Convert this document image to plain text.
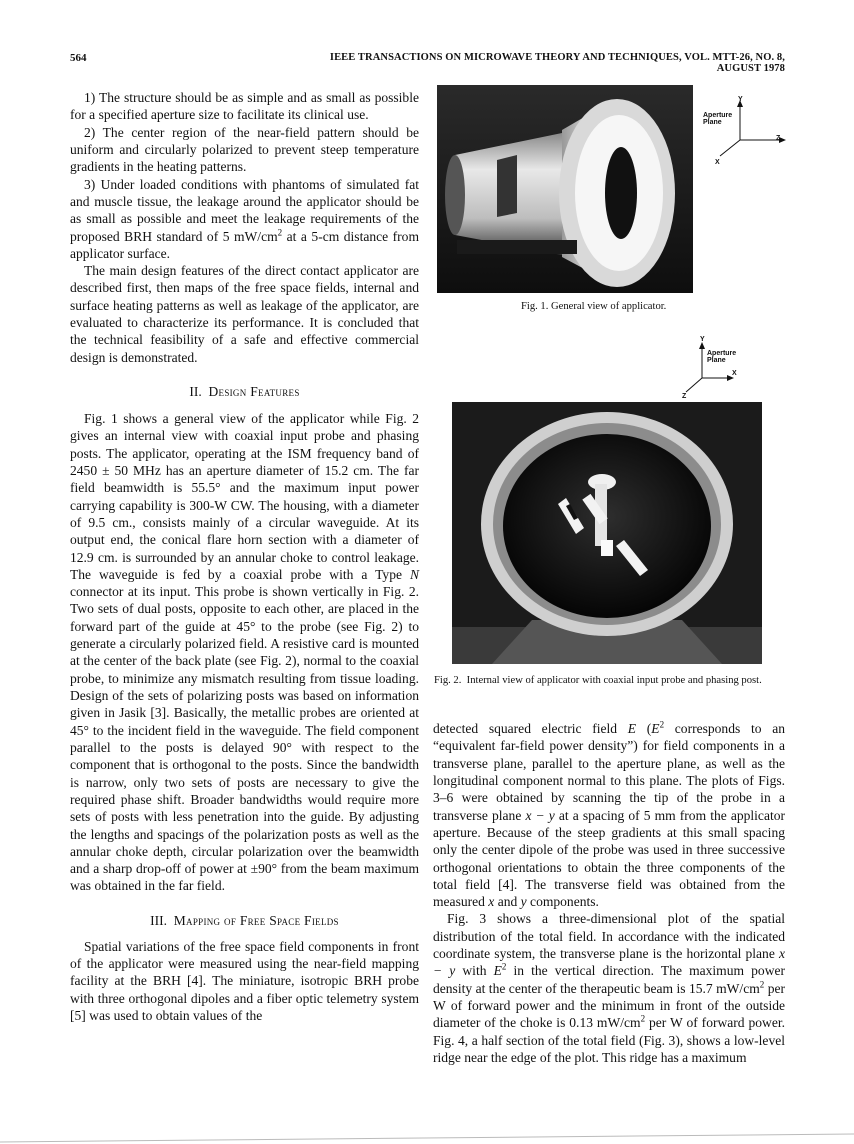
564	IEEE TRANSACTIONS ON MICROWAVE THEORY AND TECHNIQUES, VOL. MTT-26, NO. 8, AUGUST 1978

1) The structure should be as simple and as small as possible for a specified aperture size to facilitate its clinical use.

2) The center region of the near-field pattern should be uniform and circularly polarized to prevent steep temperature gradients in the heating patterns.

3) Under loaded conditions with phantoms of simulated fat and muscle tissue, the leakage around the applicator should be as small as possible and meet the leakage requirements of the proposed BRH standard of 5 $mW/cm^2$ at a 5-cm distance from applicator surface.

The main design features of the direct contact applicator are described first, then maps of the free space fields, internal and surface heating patterns as well as leakage of the applicator, are evaluated to characterize its performance. It is concluded that the technical feasibility of a safe and effective commercial design is demonstrated.

II. Design Features

Fig. 1 shows a general view of the applicator while Fig. 2 gives an internal view with coaxial input probe and phasing posts. The applicator, operating at the ISM frequency band of 2450 ± 50 MHz has an aperture diameter of 15.2 cm. The far field beamwidth is 55.5° and the maximum input power carrying capability is 300-W CW. The housing, with a diameter of 9.5 cm., consists mainly of a circular waveguide. At its output end, the conical flare horn section with a diameter of 12.9 cm. is surrounded by an annular choke to control leakage. The waveguide is fed by a coaxial probe with a Type N connector at its input. This probe is shown vertically in Fig. 2. Two sets of dual posts, opposite to each other, are placed in the forward part of the guide at 45° to the probe (see Fig. 2) to generate a circularly polarized field. A resistive card is mounted at the center of the back plate (see Fig. 2), normal to the coaxial probe, to minimize any mismatch resulting from tissue loading. Design of the sets of polarizing posts was based on information given in Jasik [3]. Basically, the metallic probes are oriented at 45° to the incident field in the waveguide. The field component parallel to the posts is delayed 90° with respect to the component that is orthogonal to the posts. Since the bandwidth is narrow, only two sets of posts are necessary to give the required phase shift. Broader bandwidths would require more sets of posts with less penetration into the guide. By adjusting the lengths and spacings of the polarization posts as well as the annular choke depth, circular polarization over the beamwidth and a sharp drop-off of power at ±90° from the beam maximum was obtained in the far field.

III. Mapping of Free Space Fields

Spatial variations of the free space field components in front of the applicator were measured using the near-field mapping facility at the BRH [4]. The miniature, isotropic BRH probe with three orthogonal dipoles and a fiber optic telemetry system [5] was used to obtain values of the

Y
Aperture Plane
Z
X
Fig. 1. General view of applicator.
Y
Aperture Plane
X
Z
Fig. 2. Internal view of applicator with coaxial input probe and phasing post.

detected squared electric field E ($E^2$ corresponds to an “equivalent far-field power density”) for field components in a transverse plane, parallel to the aperture plane, as well as the longitudinal component normal to this plane. The plots of Figs. 3–6 were obtained by scanning the tip of the probe in a transverse plane x − y at a spacing of 5 mm from the applicator aperture. Because of the steep gradients at this small spacing only the center dipole of the probe was used in three successive orthogonal orientations to obtain the three components of the total field [4]. The transverse field was obtained from the measured x and y components.

Fig. 3 shows a three-dimensional plot of the spatial distribution of the total field. In accordance with the indicated coordinate system, the transverse plane is the horizontal plane x − y with $E^2$ in the vertical direction. The maximum power density at the center of the therapeutic beam is 15.7 $mW/cm^2$ per W of forward power and the minimum in front of the outside diameter of the choke is 0.13 $mW/cm^2$ per W of forward power. Fig. 4, a half section of the total field (Fig. 3), shows a low-level ridge near the edge of the plot. This ridge has a maximum
